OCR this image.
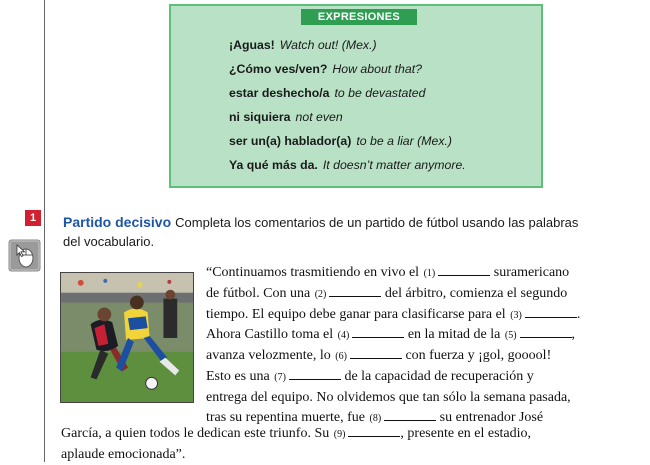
EXPRESIONES
¡Aguas! Watch out! (Mex.)
¿Cómo ves/ven? How about that?
estar deshecho/a to be devastated
ni siquiera not even
ser un(a) hablador(a) to be a liar (Mex.)
Ya qué más da. It doesn’t matter anymore.
1	Partido decisivo Completa los comentarios de un partido de fútbol usando las palabras
del vocabulario.

“Continuamos trasmitiendo en vivo el (1)	suramericano

de fútbol. Con una (2)	del árbitro, comienza el segundo

tiempo. El equipo debe ganar para clasificarse para el (3)	.

Ahora Castillo toma el (4)	en la mitad de la (5)	,

avanza velozmente, lo (6)	con fuerza y ¡gol, gooool!

Esto es una (7)	de la capacidad de recuperación y

entrega del equipo. No olvidemos que tan sólo la semana pasada,

tras su repentina muerte, fue (8)	su entrenador José

García, a quien todos le dedican este triunfo. Su (9)	, presente en el estadio,

aplaude emocionada”.
